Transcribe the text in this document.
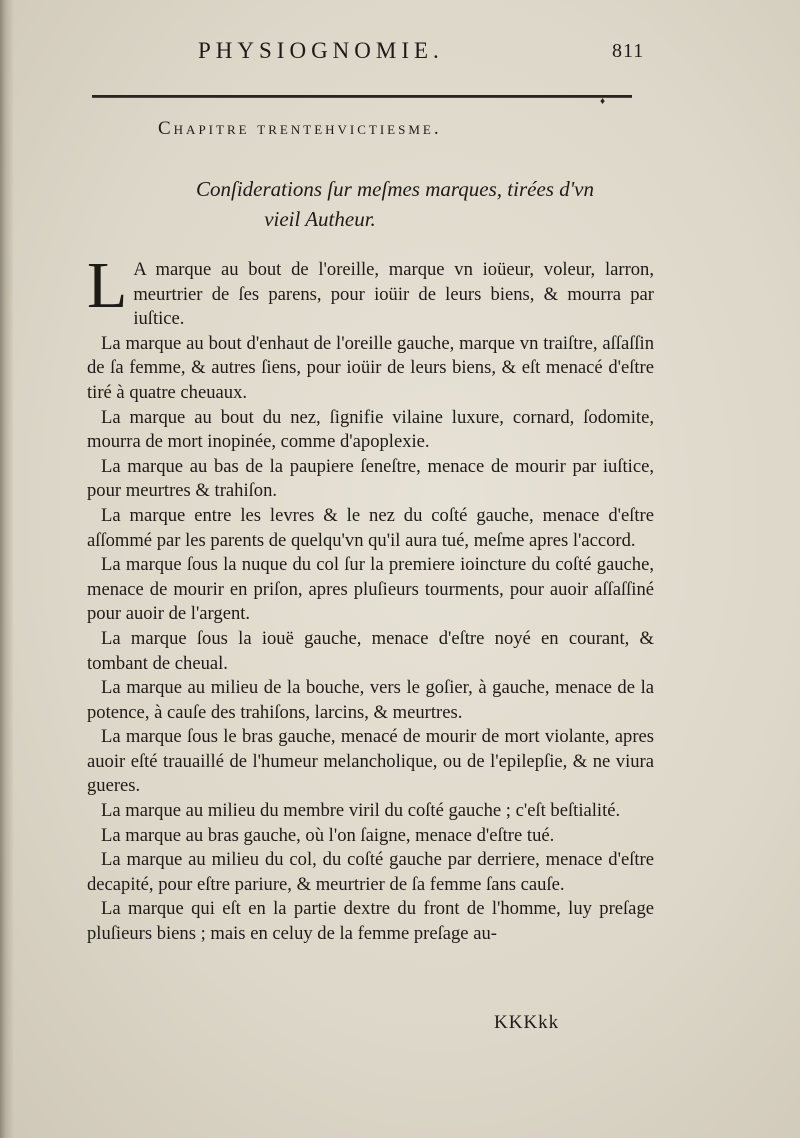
PHYSIOGNOMIE.	811
♦
Chapitre trentehvictiesme.
Conſiderations ſur meſmes marques, tirées d'vn
vieil Autheur.

L A marque au bout de l'oreille, marque vn ioüeur, voleur, larron, meurtrier de ſes parens, pour ioüir de leurs biens, & mourra par iuſtice.

La marque au bout d'enhaut de l'oreille gauche, marque vn traiſtre, aſſaſſin de ſa femme, & autres ſiens, pour ioüir de leurs biens, & eſt menacé d'eſtre tiré à quatre cheuaux.

La marque au bout du nez, ſignifie vilaine luxure, cornard, ſodomite, mourra de mort inopinée, comme d'apoplexie.

La marque au bas de la paupiere ſeneſtre, menace de mourir par iuſtice, pour meurtres & trahiſon.

La marque entre les levres & le nez du coſté gauche, menace d'eſtre aſſommé par les parents de quelqu'vn qu'il aura tué, meſme apres l'accord.

La marque ſous la nuque du col ſur la premiere ioincture du coſté gauche, menace de mourir en priſon, apres pluſieurs tourments, pour auoir aſſaſſiné pour auoir de l'argent.

La marque ſous la iouë gauche, menace d'eſtre noyé en courant, & tombant de cheual.

La marque au milieu de la bouche, vers le goſier, à gauche, menace de la potence, à cauſe des trahiſons, larcins, & meurtres.

La marque ſous le bras gauche, menacé de mourir de mort violante, apres auoir eſté trauaillé de l'humeur melancholique, ou de l'epilepſie, & ne viura gueres.

La marque au milieu du membre viril du coſté gauche ; c'eſt beſtialité.

La marque au bras gauche, où l'on ſaigne, menace d'eſtre tué.

La marque au milieu du col, du coſté gauche par derriere, menace d'eſtre decapité, pour eſtre pariure, & meurtrier de ſa femme ſans cauſe.

La marque qui eſt en la partie dextre du front de l'homme, luy preſage pluſieurs biens ; mais en celuy de la femme preſage au-

KKKkk
